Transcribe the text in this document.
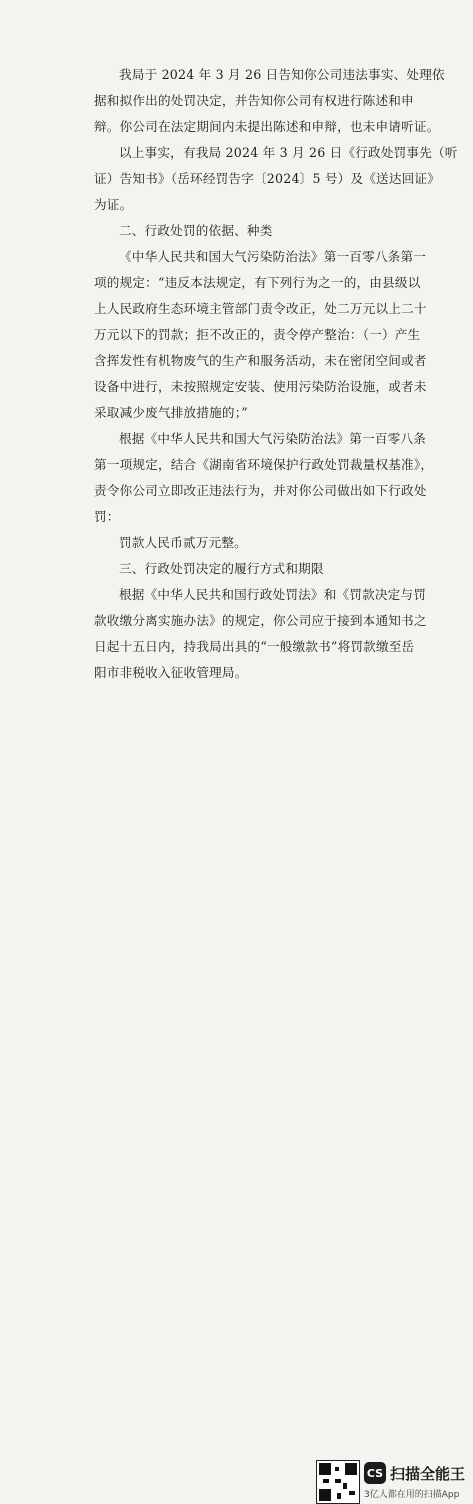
我局于 2024 年 3 月 26 日告知你公司违法事实、处理依
据和拟作出的处罚决定，并告知你公司有权进行陈述和申
辩。你公司在法定期间内未提出陈述和申辩，也未申请听证。
以上事实，有我局 2024 年 3 月 26 日《行政处罚事先（听
证）告知书》（岳环经罚告字〔2024〕5 号）及《送达回证》
为证。
二、行政处罚的依据、种类
《中华人民共和国大气污染防治法》第一百零八条第一
项的规定：“违反本法规定，有下列行为之一的，由县级以
上人民政府生态环境主管部门责令改正，处二万元以上二十
万元以下的罚款；拒不改正的，责令停产整治：（一）产生
含挥发性有机物废气的生产和服务活动，未在密闭空间或者
设备中进行，未按照规定安装、使用污染防治设施，或者未
采取减少废气排放措施的；”
根据《中华人民共和国大气污染防治法》第一百零八条
第一项规定，结合《湖南省环境保护行政处罚裁量权基准》，
责令你公司立即改正违法行为，并对你公司做出如下行政处
罚：
罚款人民币贰万元整。
三、行政处罚决定的履行方式和期限
根据《中华人民共和国行政处罚法》和《罚款决定与罚
款收缴分离实施办法》的规定，你公司应于接到本通知书之
日起十五日内，持我局出具的“一般缴款书”将罚款缴至岳
阳市非税收入征收管理局。
CS 扫描全能王
3亿人都在用的扫描App
